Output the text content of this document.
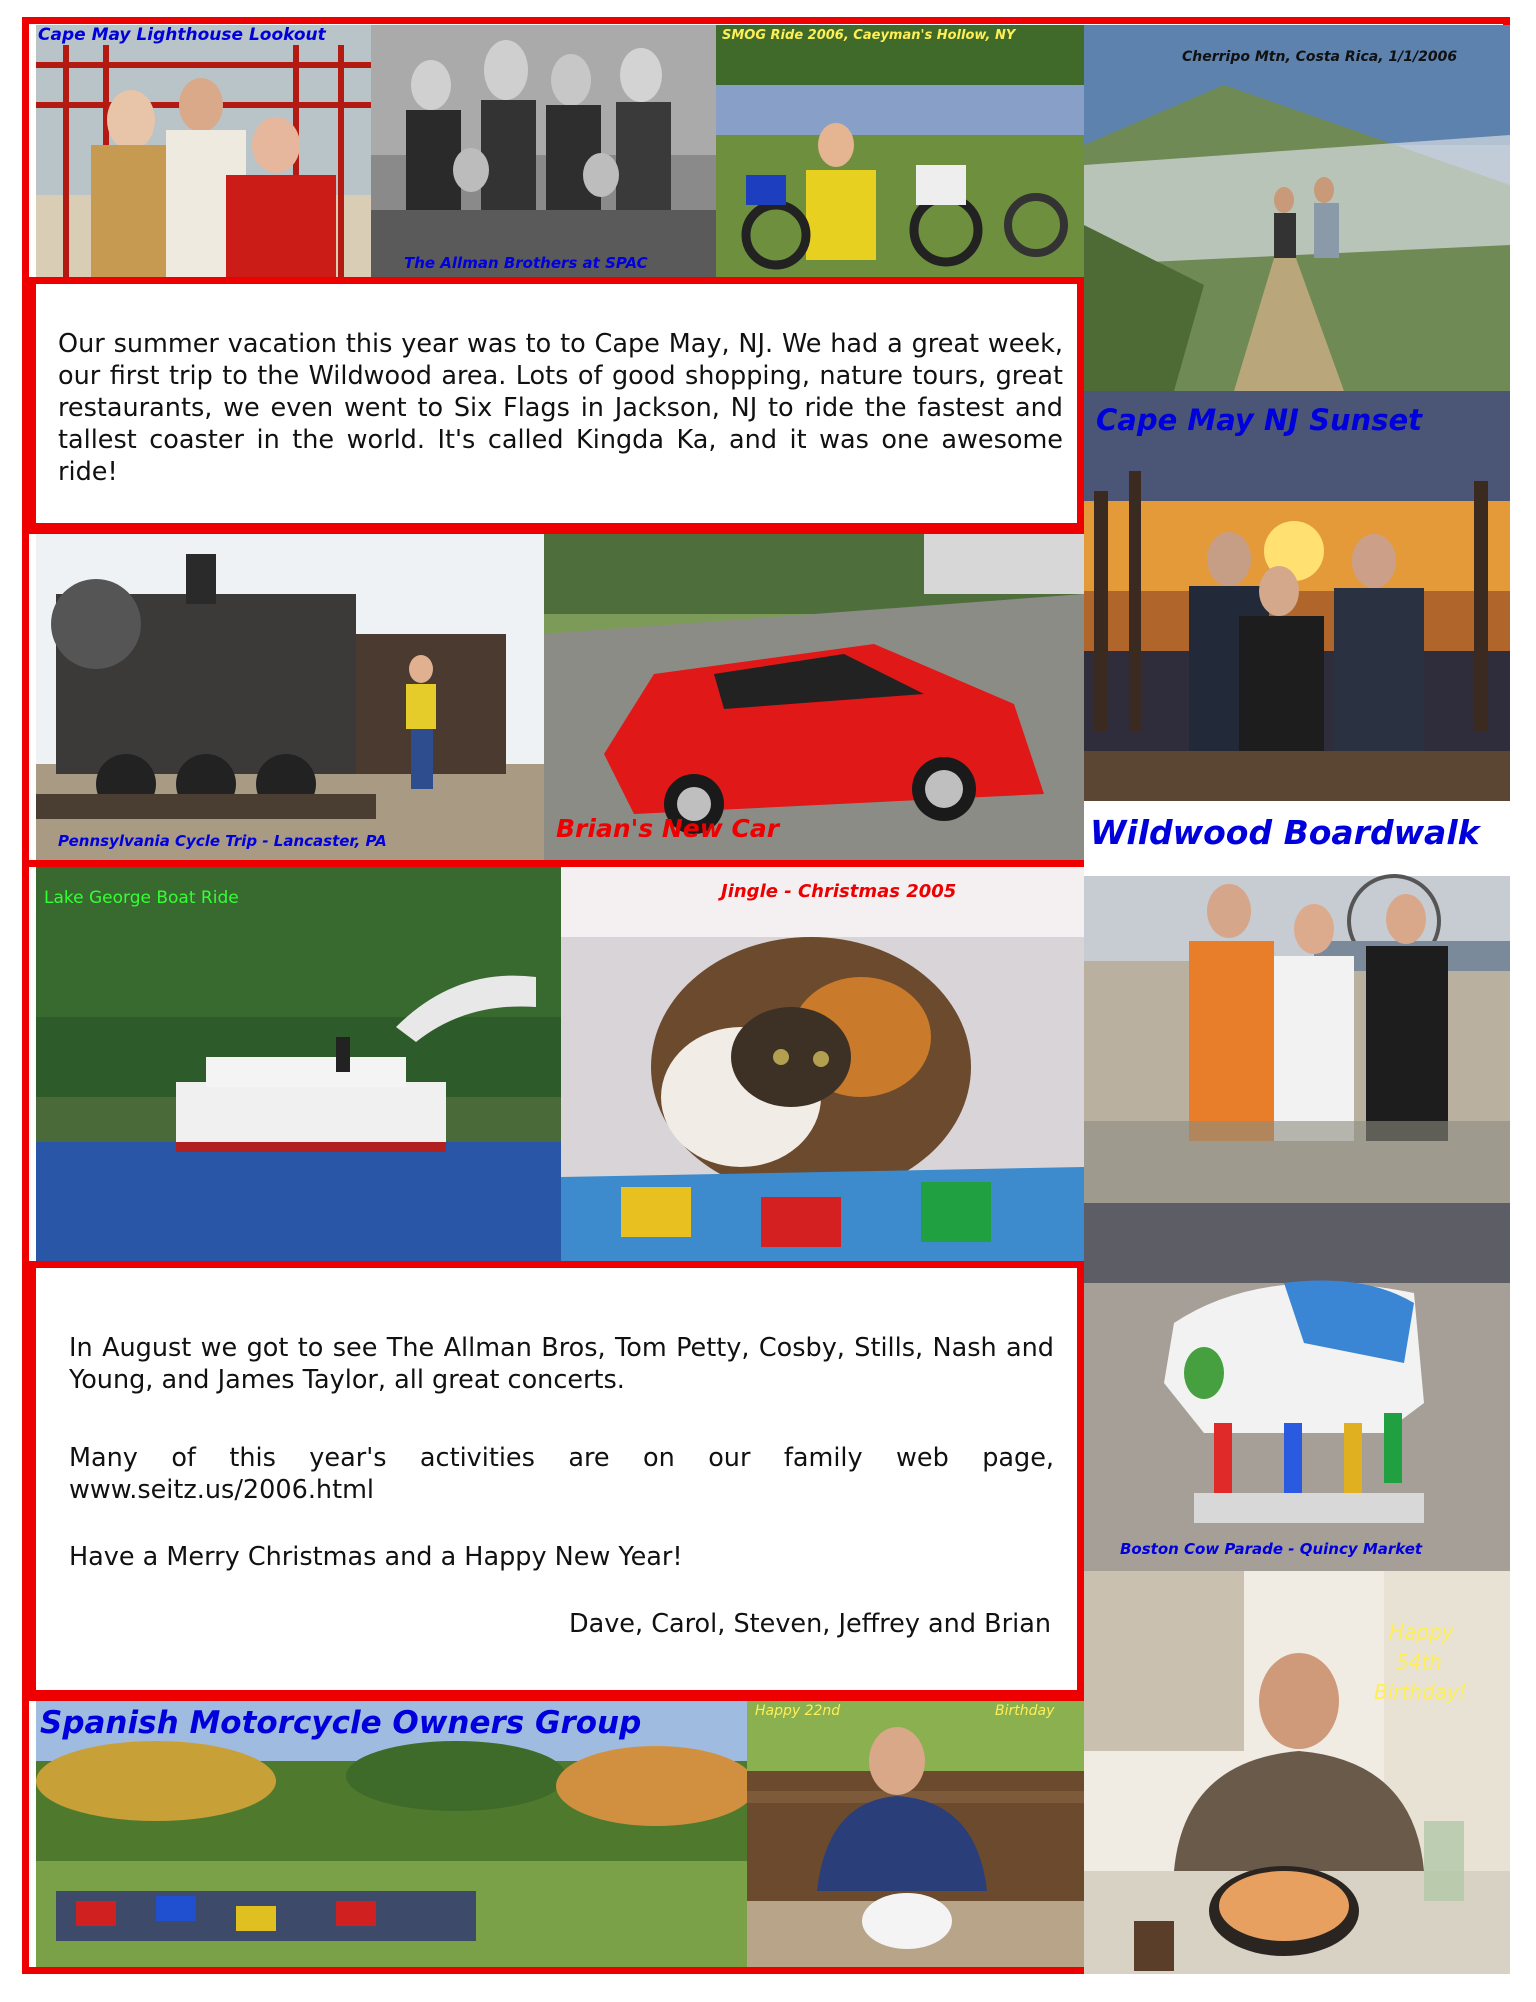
Cape May Lighthouse Lookout
The Allman Brothers at SPAC
SMOG Ride 2006, Caeyman's Hollow, NY
Cherripo Mtn, Costa Rica, 1/1/2006

Our summer vacation this year was to to Cape May, NJ. We had a great week, our first trip to the Wildwood area. Lots of good shopping, nature tours, great restaurants, we even went to Six Flags in Jackson, NJ to ride the fastest and tallest coaster in the world. It's called Kingda Ka, and it was one awesome ride!

Cape May NJ Sunset
Pennsylvania Cycle Trip - Lancaster, PA	Brian's New Car	Wildwood Boardwalk
Lake George Boat Ride	Jingle - Christmas 2005
Boston Cow Parade - Quincy Market

In August we got to see The Allman Bros, Tom Petty, Cosby, Stills, Nash and Young, and James Taylor, all great concerts.

Many of this year's activities are on our family web page, www.seitz.us/2006.html

Have a Merry Christmas and a Happy New Year!

Dave, Carol, Steven, Jeffrey and Brian	Happy
54th
Birthday!
Spanish Motorcycle Owners Group	Happy 22nd	Birthday
